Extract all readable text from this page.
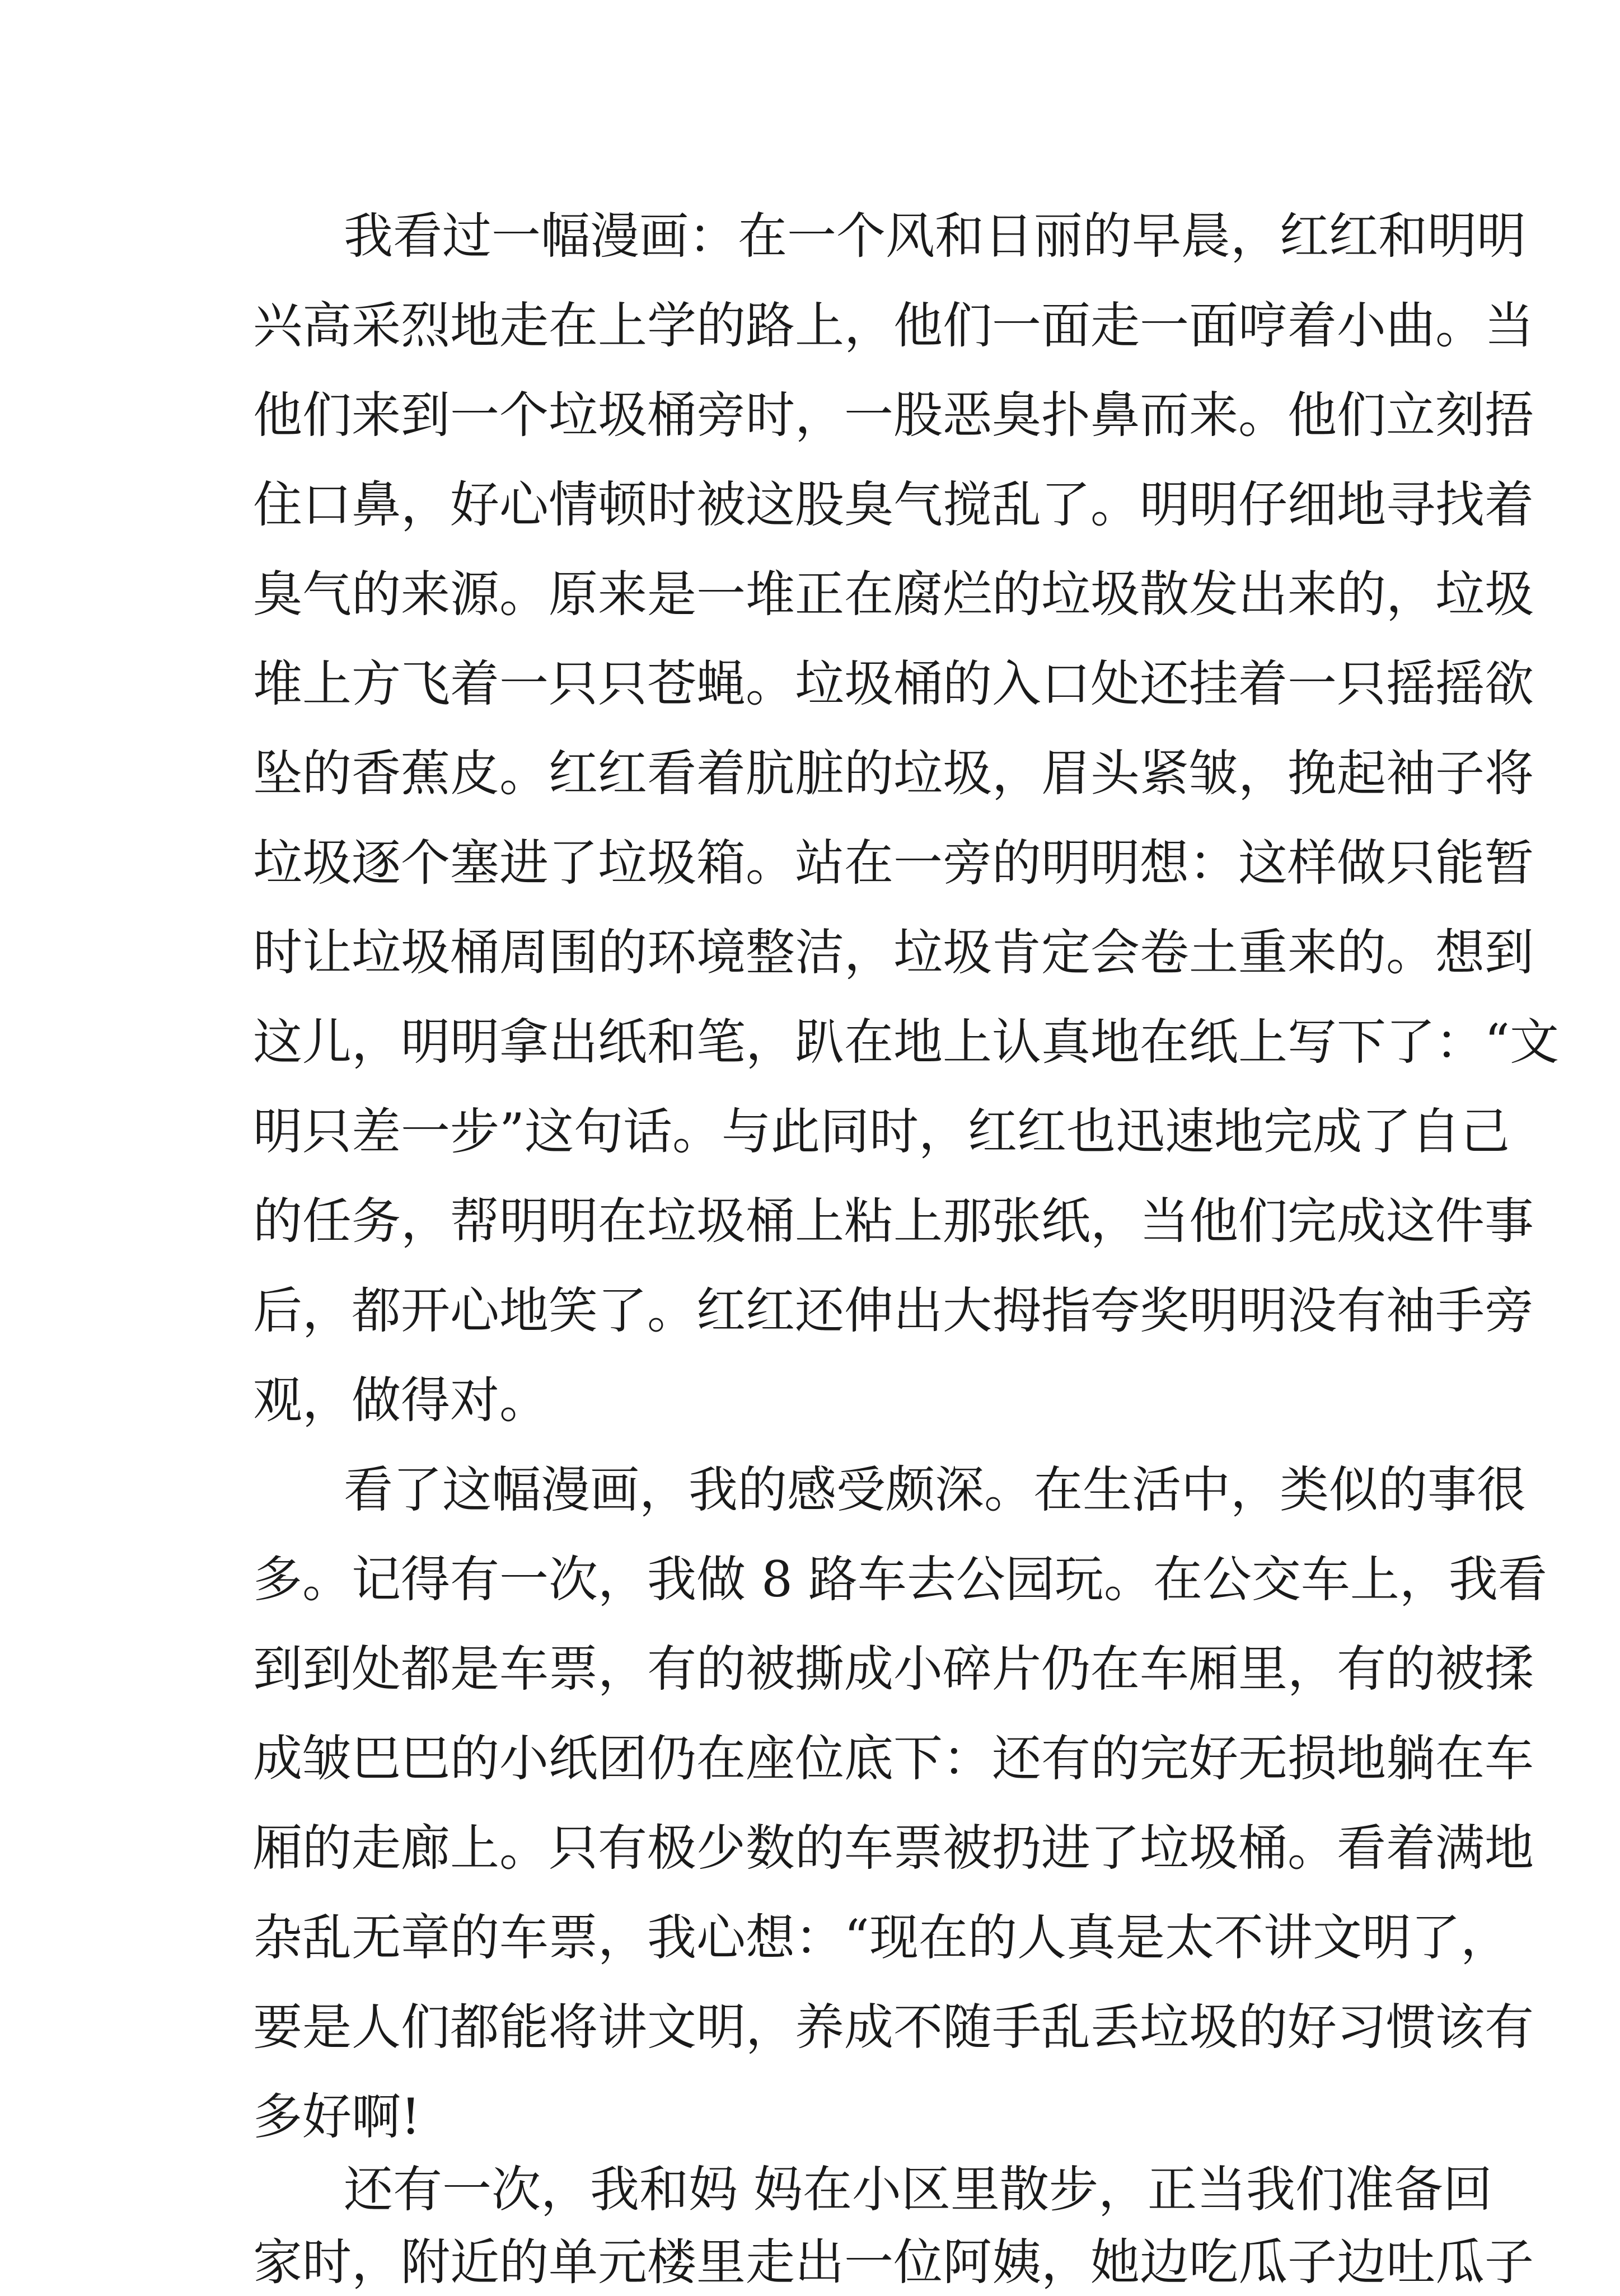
我看过一幅漫画：在一个风和日丽的早晨，红红和明明
兴高采烈地走在上学的路上，他们一面走一面哼着小曲。当
他们来到一个垃圾桶旁时，一股恶臭扑鼻而来。他们立刻捂
住口鼻，好心情顿时被这股臭气搅乱了。明明仔细地寻找着
臭气的来源。原来是一堆正在腐烂的垃圾散发出来的，垃圾
堆上方飞着一只只苍蝇。垃圾桶的入口处还挂着一只摇摇欲
坠的香蕉皮。红红看着肮脏的垃圾，眉头紧皱，挽起袖子将
垃圾逐个塞进了垃圾箱。站在一旁的明明想：这样做只能暂
时让垃圾桶周围的环境整洁，垃圾肯定会卷土重来的。想到
这儿，明明拿出纸和笔，趴在地上认真地在纸上写下了：“文
明只差一步”这句话。与此同时，红红也迅速地完成了自己
的任务，帮明明在垃圾桶上粘上那张纸，当他们完成这件事
后，都开心地笑了。红红还伸出大拇指夸奖明明没有袖手旁
观，做得对。
看了这幅漫画，我的感受颇深。在生活中，类似的事很
多。记得有一次，我做 8 路车去公园玩。在公交车上，我看
到到处都是车票，有的被撕成小碎片仍在车厢里，有的被揉
成皱巴巴的小纸团仍在座位底下：还有的完好无损地躺在车
厢的走廊上。只有极少数的车票被扔进了垃圾桶。看着满地
杂乱无章的车票，我心想：“现在的人真是太不讲文明了，
要是人们都能将讲文明，养成不随手乱丢垃圾的好习惯该有
多好啊!
还有一次，我和妈 妈在小区里散步，正当我们准备回
家时，附近的单元楼里走出一位阿姨，她边吃瓜子边吐瓜子
